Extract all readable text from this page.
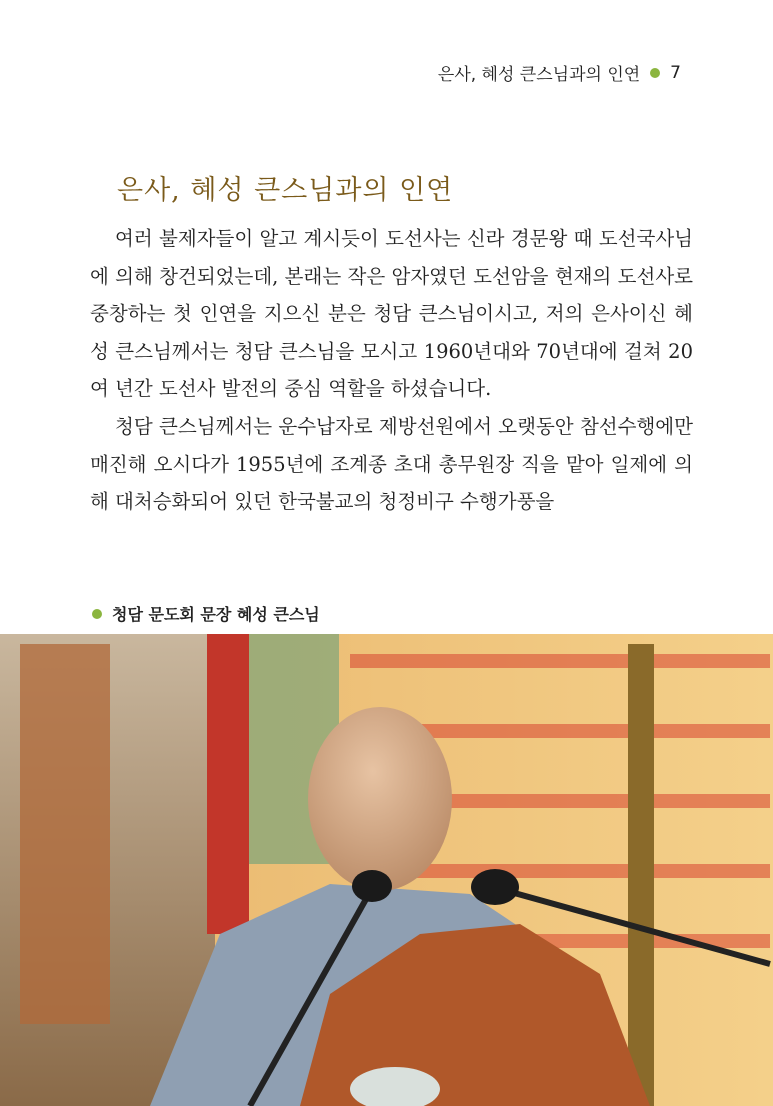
은사, 혜성 큰스님과의 인연 7
은사, 혜성 큰스님과의 인연

여러 불제자들이 알고 계시듯이 도선사는 신라 경문왕 때 도선국사님에 의해 창건되었는데, 본래는 작은 암자였던 도선암을 현재의 도선사로 중창하는 첫 인연을 지으신 분은 청담 큰스님이시고, 저의 은사이신 혜성 큰스님께서는 청담 큰스님을 모시고 1960년대와 70년대에 걸쳐 20여 년간 도선사 발전의 중심 역할을 하셨습니다.

청담 큰스님께서는 운수납자로 제방선원에서 오랫동안 참선수행에만 매진해 오시다가 1955년에 조계종 초대 총무원장 직을 맡아 일제에 의해 대처승화되어 있던 한국불교의 청정비구 수행가풍을

청담 문도회 문장 혜성 큰스님
